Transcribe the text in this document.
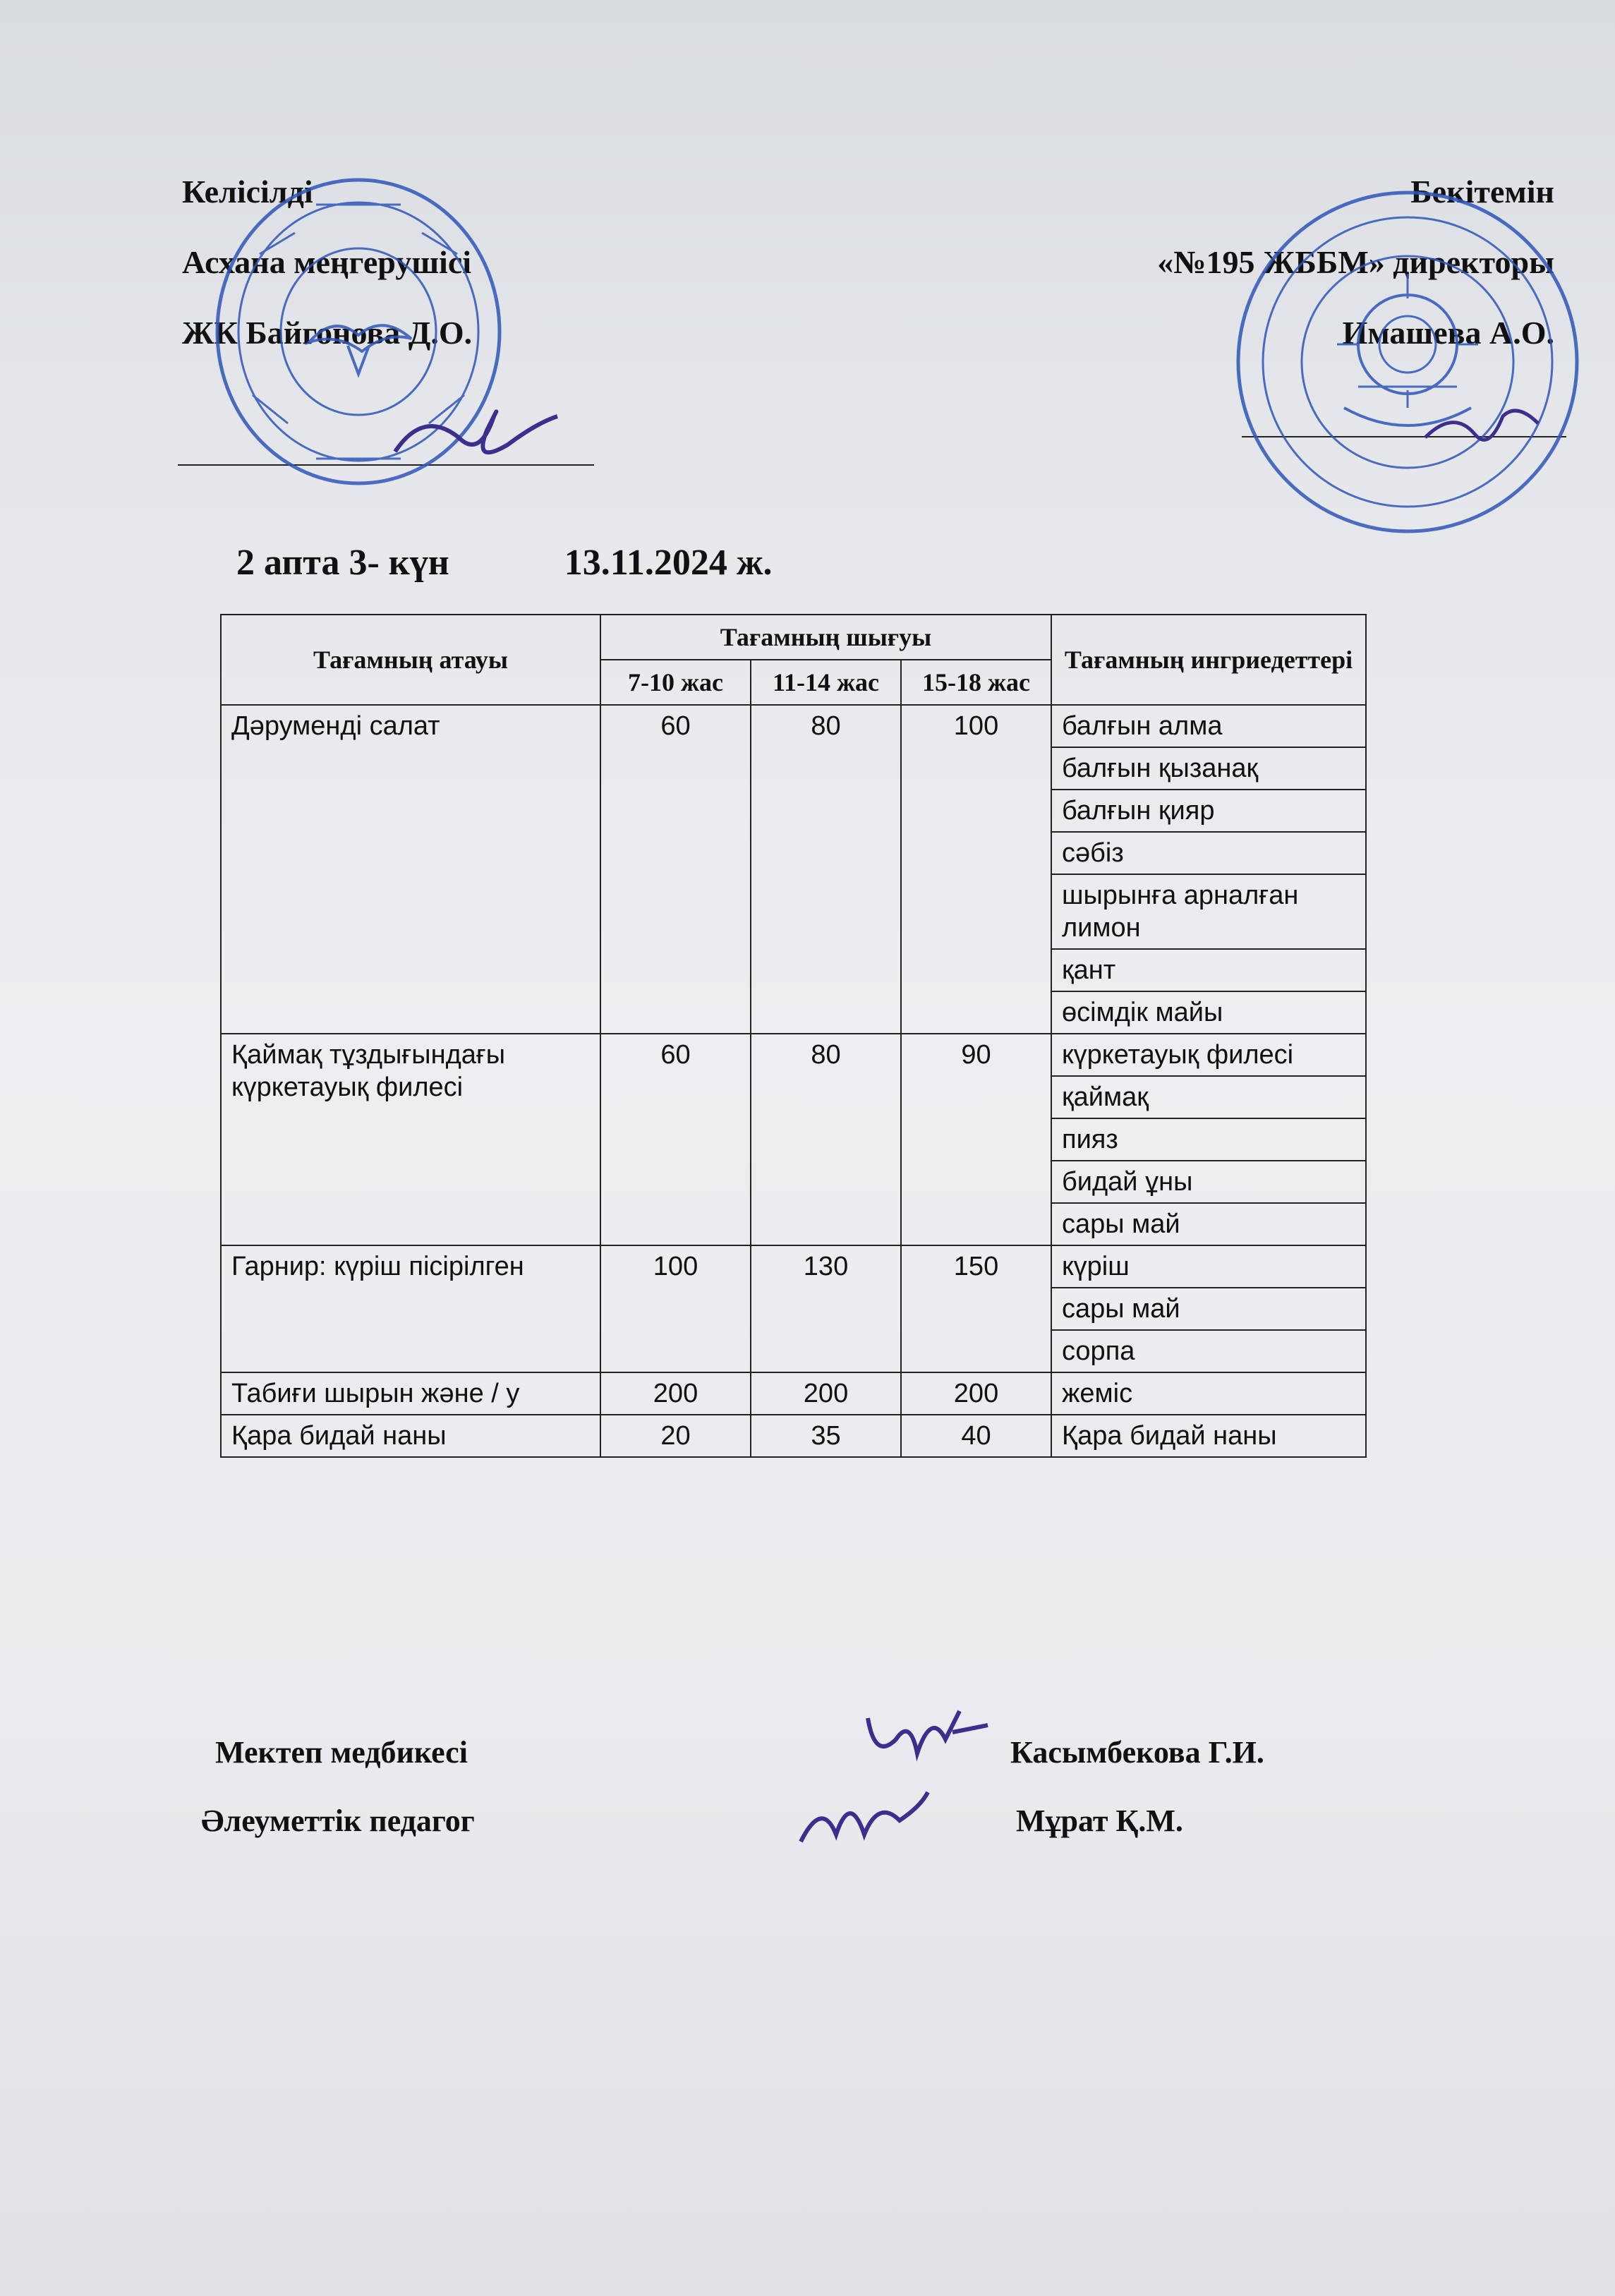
Келісілді
Асхана меңгерушісі
ЖК Байгонова Д.О.
Бекітемін
«№195 ЖББМ» директоры
Имашева А.О.
2 апта 3- күн	13.11.2024 ж.
Тағамның атауы	Тағамның шығуы			Тағамның ингриедеттері
	7-10 жас	11-14 жас	15-18 жас	
Дәрумендi салат	60	80	100	балғын алма
				балғын қызанақ
				балғын қияр
				сәбіз
				шырынға арналған лимон
				қант
				өсімдік майы
Қаймақ тұздығындағы күркетауық филесі	60	80	90	күркетауық филесі
				қаймақ
				пияз
				бидай ұны
				сары май
Гарнир: күріш пісірілген	100	130	150	күріш
				сары май
				сорпа
Табиғи шырын және / у	200	200	200	жеміс
Қара бидай наны	20	35	40	Қара бидай наны
Мектеп медбикесі	Касымбекова Г.И.
Әлеуметтік педагог	Мұрат Қ.М.
